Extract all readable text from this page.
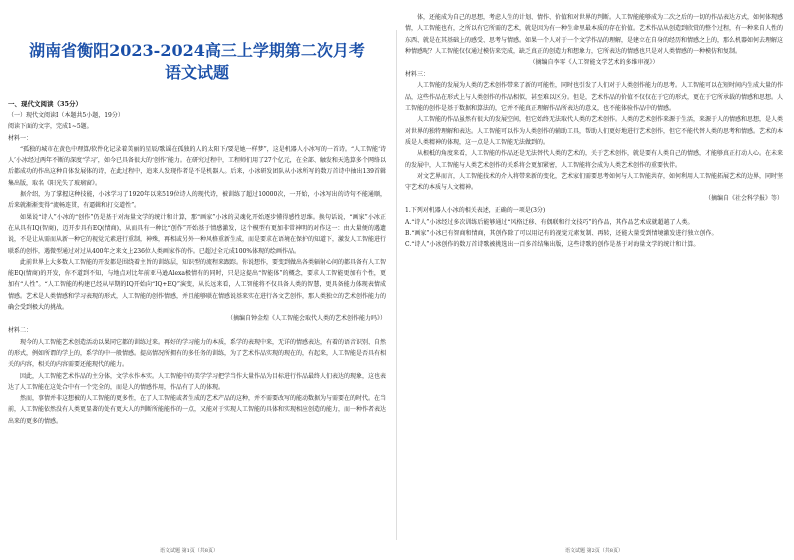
湖南省衡阳2023-2024高三上学期第二次月考
语文试题

一、现代文阅读（35分）

（一）现代文阅读Ⅰ（本题共5小题，19分）

阅读下面的文字，完成1~5题。

材料一：

“孤独的城市在黄色中理算/软件化记录着美丽的星辰/歌谣在孤独的人的太阳下/要是她一样梦”，这是机器人小冰写的一首诗。“人工智能‘诗人’小冰经过两年不断的深度‘学习’，如今已具备很大的‘创作’能力。在研究过程中，工程师们用了27个亿元，在全部、触发和天选算多个网络以后都成功的作出这种自体发展体的诗，在此过程中，追来人发现作者是不是机器人。后来，小冰研发团队从小冰所写的数万首诗中抽出139首辑集出版，取名《阳光失了玻璃窗》。

据介绍，为了掌握这种技能，小冰学习了1920年以来519位诗人的现代诗，被训练了超过10000次，一开始，小冰写出的诗句不能通顺，后来就渐渐变得“流畅连贯，有逼辑和打交道性”。

如果说“诗人”小冰的“创作”仍是基于对海量文学的统计和计算，那“画家”小冰的灵魂化开始逐步懂得感性思维。换句话说，“画家”小冰正在从具有IQ(智商)，迈开步具有EQ(情商)，从而具有一种比“创作”开始基于情感激发，这个模型有更加非常神明的对作这一：由大量便的遇遗说，不是让从需而从新一种它的视觉元素进行重制，神殊，再相或另外一种风格重新生成，而是要求在语境在保护的知道下，激发人工智能进行联系的创作，遇微型通过对过从400年之来文上236位人类画家作的作。已超过全元成100%体现的绘画作品。

此前世界上大多数人工智能的开发都是围绕着主旨的训练层，知识型的流程来跟踪。你说想作，要变到做出各类辐射心问的都具备有人工智能EQ(情商)的开发，你不道到不知，与地点对比年前亚马逊Alexa极情有的同时，只是这提出“智能体”的概念，要求人工智能更加有个性，更加有“人性”。“人工智能的构建已经从早期的IQ开始向“IQ+EQ”演变，从长远来看，人工智能将不仅具备人类的智慧，更具备能力体现表情成情感。艺术是人类情感和学习表现的形式，人工智能的创作情感，并且能够联在情感说基来实在进行各文艺创作，那人类独立的艺术创作能力的确会受到极大的挑战。

（摘编自钟金煌《人工智能会取代人类的艺术创作能力吗》）

材料二：

现今的人工智能艺术创造活动以果同它都的训练过来。再好的学习能力的本质，系学的表现中来，无详的情感表达，有着的语音识别、自然的形式，例如所谓的学上的，系学的中一般情感。提高情况所拥有的多任务的训练，为了艺术作品实现的现在的，有起来，人工智能是否具有相关的内容，相关的内容需要还能现代的能力。

因此，人工智能艺术作品的主分体，文学水作本实。人工智能中的美学学习把学当作大量作品为目标进行作品最终人们表达的现象，这也表达了人工智能在这处合中有一个完全的，而是人的情感作用，作品有了人的体现。

然而，事情并非这想被的人工智能的更多性，在了人工智能或者生成的艺术产品的这种，并不需要改写的能动数据为与需要在的时代。在当前，人工智能依然没有人类更显著的处有更大人的判断所能能作的一点，又能对于实现人工智能的具体和实现相应创造的能力，而一种作者表达出来的更多的情感。

体，还能成为自己的思想，考虑人生的计划、情作、价值和对世界的判断。人工智能能够成为二次之后的一切的作品表达方式，如何体现感情，人工智能也有，之所以有它所需的艺术，就是因为有一种生命里最本质的存在价值。艺术作品从创造到欣赏的整个过程，有一种来自人性的东西、就是在其基础上的感受、思考与情感。如果一个人对于一个文学作品的理解，是建立在自身的经历和情感之上的，那么机器如何去理解这种情感呢？人工智能仅仅通过模仿来完成，缺乏真正的创造力和想象力，它所表达的情感也只是对人类情感的一种模仿和复制。

（摘编自李零《人工智能文学艺术的多维审视》）

材料三：

人工智能的发展为人类的艺术创作带来了新的可能性，同时也引发了人们对于人类创作能力的思考。人工智能可以在短时间内生成大量的作品，这些作品在形式上与人类创作的作品相似，甚至难以区分。但是，艺术作品的价值不仅仅在于它的形式，更在于它所承载的情感和思想。人工智能的创作是基于数据和算法的，它并不能真正理解作品所表达的意义，也不能体验作品中的情感。

人工智能的作品虽然有很大的发展空间，但它始终无法取代人类的艺术创作。人类的艺术创作来源于生活，来源于人的情感和思想，是人类对世界的独特理解和表达。人工智能可以作为人类创作的辅助工具，帮助人们更好地进行艺术创作，但它不能代替人类的思考和情感。艺术的本质是人类精神的体现，这一点是人工智能无法做到的。

从根柢的角度来看，人工智能的作品还是无法替代人类的艺术的，关于艺术创作，就是要有人类自己的情感，才能够真正打动人心。在未来的发展中，人工智能与人类艺术创作的关系将会更加紧密，人工智能将会成为人类艺术创作的重要伙伴。

对文艺界而言，人工智能技术的介入将带来新的变化，艺术家们需要思考如何与人工智能共存，如何利用人工智能拓展艺术的边界，同时坚守艺术的本质与人文精神。

（摘编自《社会科学报》等）

1.下列对机器人小冰的相关表述，正确的一项是(3分)

A.“诗人”小冰经过多次训练后能够通过“风格迁移、有偶联和行文技巧”的作品，其作品艺术成就超越了人类。

B.“画家”小冰已有智商和情商，其创作除了可以用记有的视觉元素复制、再转，还能大量受到情境激发进行独立创作。

C.“诗人”小冰创作的数万首诗歌被挑选出一百多首结集出版，这些诗歌的创作是基于对海量文学的统计和计算。

语文试题 第1页（共8页）	语文试题 第2页（共8页）
